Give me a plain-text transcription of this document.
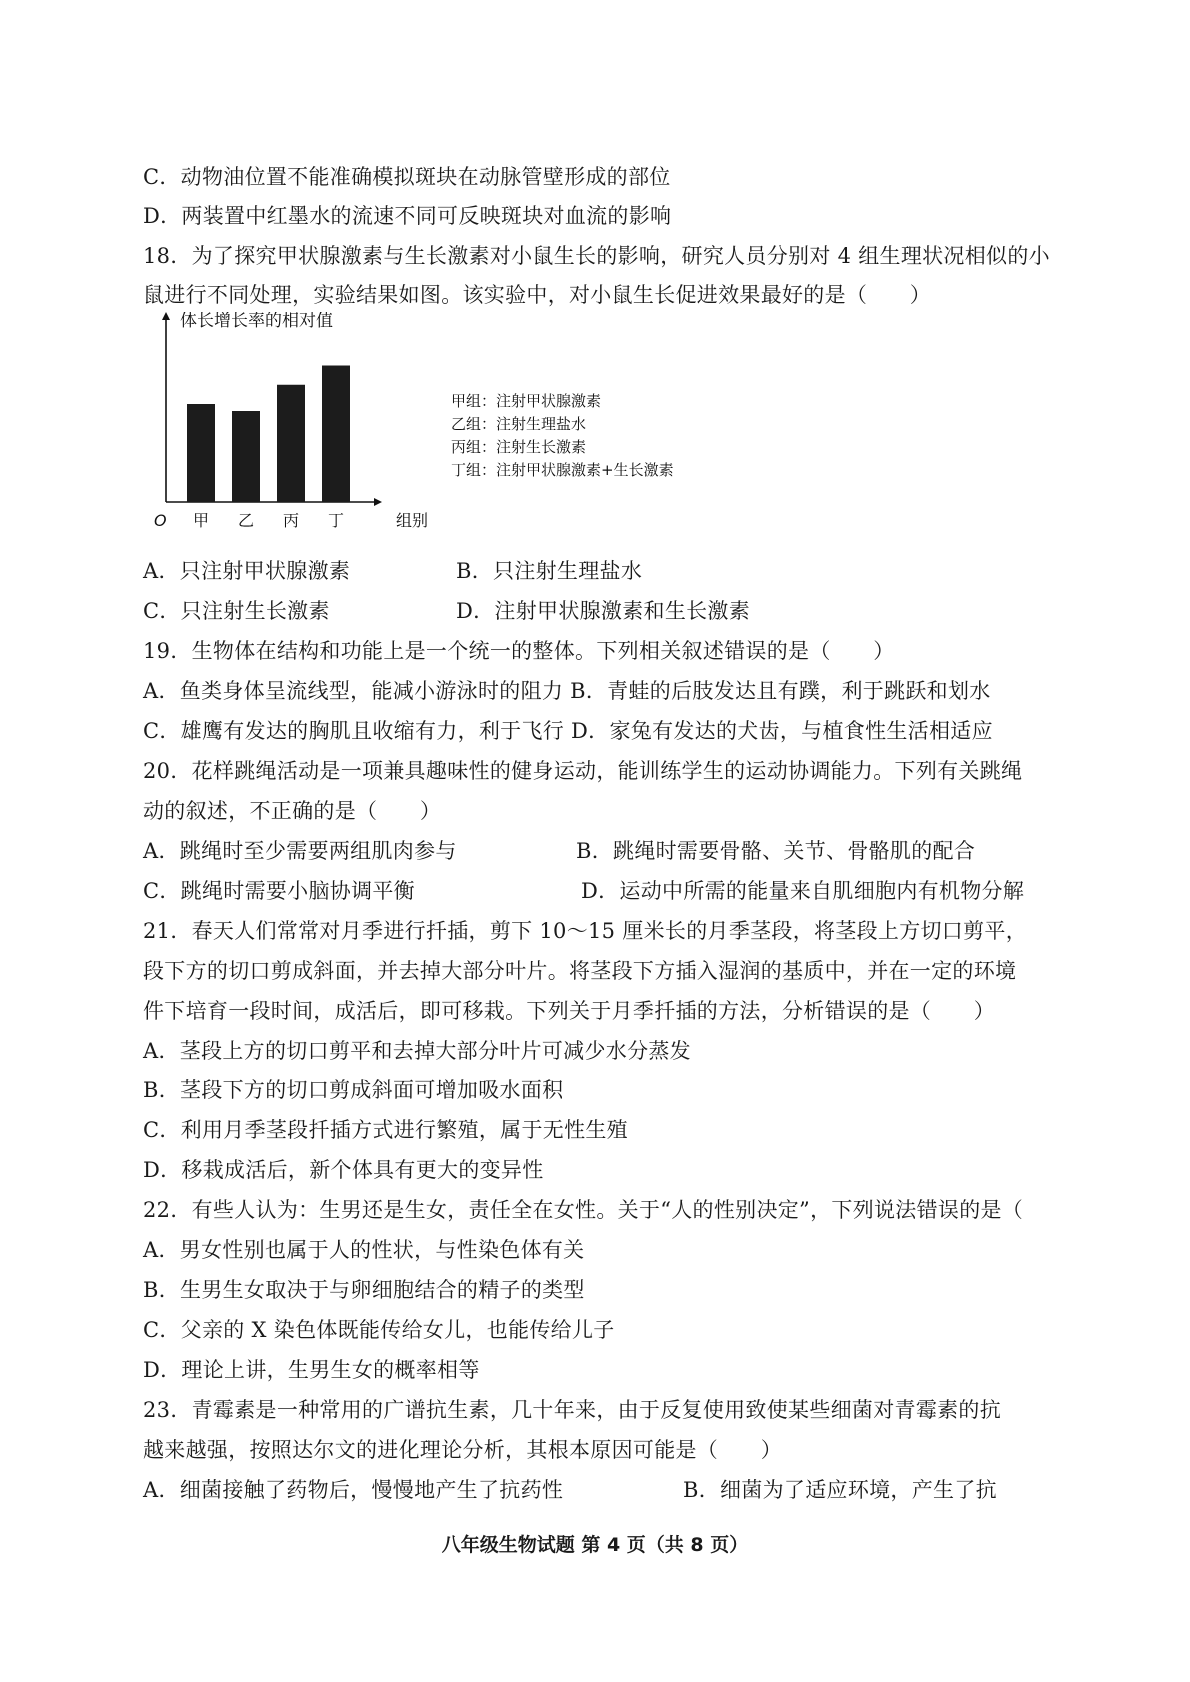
C．动物油位置不能准确模拟斑块在动脉管壁形成的部位
D．两装置中红墨水的流速不同可反映斑块对血流的影响
18．为了探究甲状腺激素与生长激素对小鼠生长的影响，研究人员分别对 4 组生理状况相似的小
鼠进行不同处理，实验结果如图。该实验中，对小鼠生长促进效果最好的是（　　）
甲 乙 丙 丁
O
体长增长率的相对值
组别
甲组：注射甲状腺激素
乙组：注射生理盐水
丙组：注射生长激素
丁组：注射甲状腺激素+生长激素
A．只注射甲状腺激素	B．只注射生理盐水
C．只注射生长激素	D．注射甲状腺激素和生长激素
19．生物体在结构和功能上是一个统一的整体。下列相关叙述错误的是（　　）
A．鱼类身体呈流线型，能减小游泳时的阻力 B．青蛙的后肢发达且有蹼，利于跳跃和划水
C．雄鹰有发达的胸肌且收缩有力，利于飞行 D．家兔有发达的犬齿，与植食性生活相适应
20．花样跳绳活动是一项兼具趣味性的健身运动，能训练学生的运动协调能力。下列有关跳绳
动的叙述，不正确的是（　　）
A．跳绳时至少需要两组肌肉参与	B．跳绳时需要骨骼、关节、骨骼肌的配合
C．跳绳时需要小脑协调平衡	D．运动中所需的能量来自肌细胞内有机物分解
21．春天人们常常对月季进行扦插，剪下 10～15 厘米长的月季茎段，将茎段上方切口剪平，
段下方的切口剪成斜面，并去掉大部分叶片。将茎段下方插入湿润的基质中，并在一定的环境
件下培育一段时间，成活后，即可移栽。下列关于月季扦插的方法，分析错误的是（　　）
A．茎段上方的切口剪平和去掉大部分叶片可减少水分蒸发
B．茎段下方的切口剪成斜面可增加吸水面积
C．利用月季茎段扦插方式进行繁殖，属于无性生殖
D．移栽成活后，新个体具有更大的变异性
22．有些人认为：生男还是生女，责任全在女性。关于“人的性别决定”，下列说法错误的是（
A．男女性别也属于人的性状，与性染色体有关
B．生男生女取决于与卵细胞结合的精子的类型
C．父亲的 X 染色体既能传给女儿，也能传给儿子
D．理论上讲，生男生女的概率相等
23．青霉素是一种常用的广谱抗生素，几十年来，由于反复使用致使某些细菌对青霉素的抗
越来越强，按照达尔文的进化理论分析，其根本原因可能是（　　）
A．细菌接触了药物后，慢慢地产生了抗药性	B．细菌为了适应环境，产生了抗
八年级生物试题 第 4 页（共 8 页）
